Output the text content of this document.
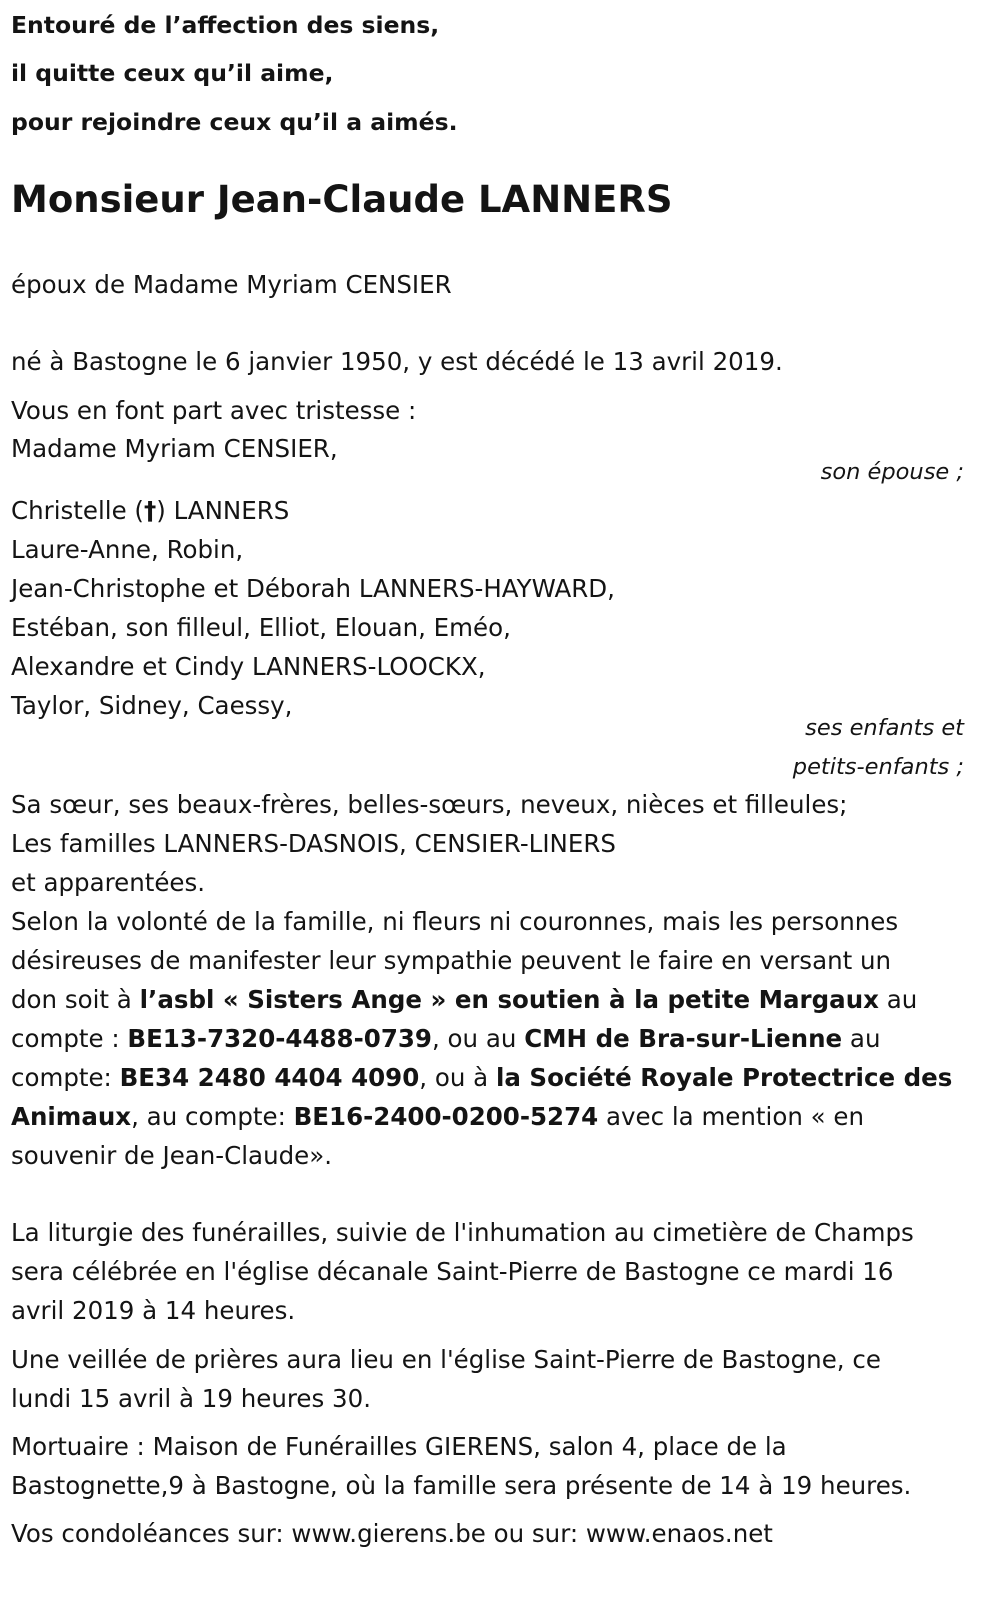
Entouré de l’affection des siens,
il quitte ceux qu’il aime,
pour rejoindre ceux qu’il a aimés.
Monsieur Jean-Claude LANNERS
époux de Madame Myriam CENSIER
né à Bastogne le 6 janvier 1950, y est décédé le 13 avril 2019.
Vous en font part avec tristesse :
Madame Myriam CENSIER,
son épouse ;
Christelle (†) LANNERS
Laure-Anne, Robin,
Jean-Christophe et Déborah LANNERS-HAYWARD,
Estéban, son filleul, Elliot, Elouan, Eméo,
Alexandre et Cindy LANNERS-LOOCKX,
Taylor, Sidney, Caessy,
ses enfants et
petits-enfants ;
Sa sœur, ses beaux-frères, belles-sœurs, neveux, nièces et filleules;
Les familles LANNERS-DASNOIS, CENSIER-LINERS
et apparentées.
Selon la volonté de la famille, ni fleurs ni couronnes, mais les personnes
désireuses de manifester leur sympathie peuvent le faire en versant un
don soit à l’asbl « Sisters Ange » en soutien à la petite Margaux au
compte : BE13-7320-4488-0739, ou au CMH de Bra-sur-Lienne au
compte: BE34 2480 4404 4090, ou à la Société Royale Protectrice des
Animaux, au compte: BE16-2400-0200-5274 avec la mention « en
souvenir de Jean-Claude».
La liturgie des funérailles, suivie de l'inhumation au cimetière de Champs
sera célébrée en l'église décanale Saint-Pierre de Bastogne ce mardi 16
avril 2019 à 14 heures.
Une veillée de prières aura lieu en l'église Saint-Pierre de Bastogne, ce
lundi 15 avril à 19 heures 30.
Mortuaire : Maison de Funérailles GIERENS, salon 4, place de la
Bastognette,9 à Bastogne, où la famille sera présente de 14 à 19 heures.
Vos condoléances sur: www.gierens.be ou sur: www.enaos.net
